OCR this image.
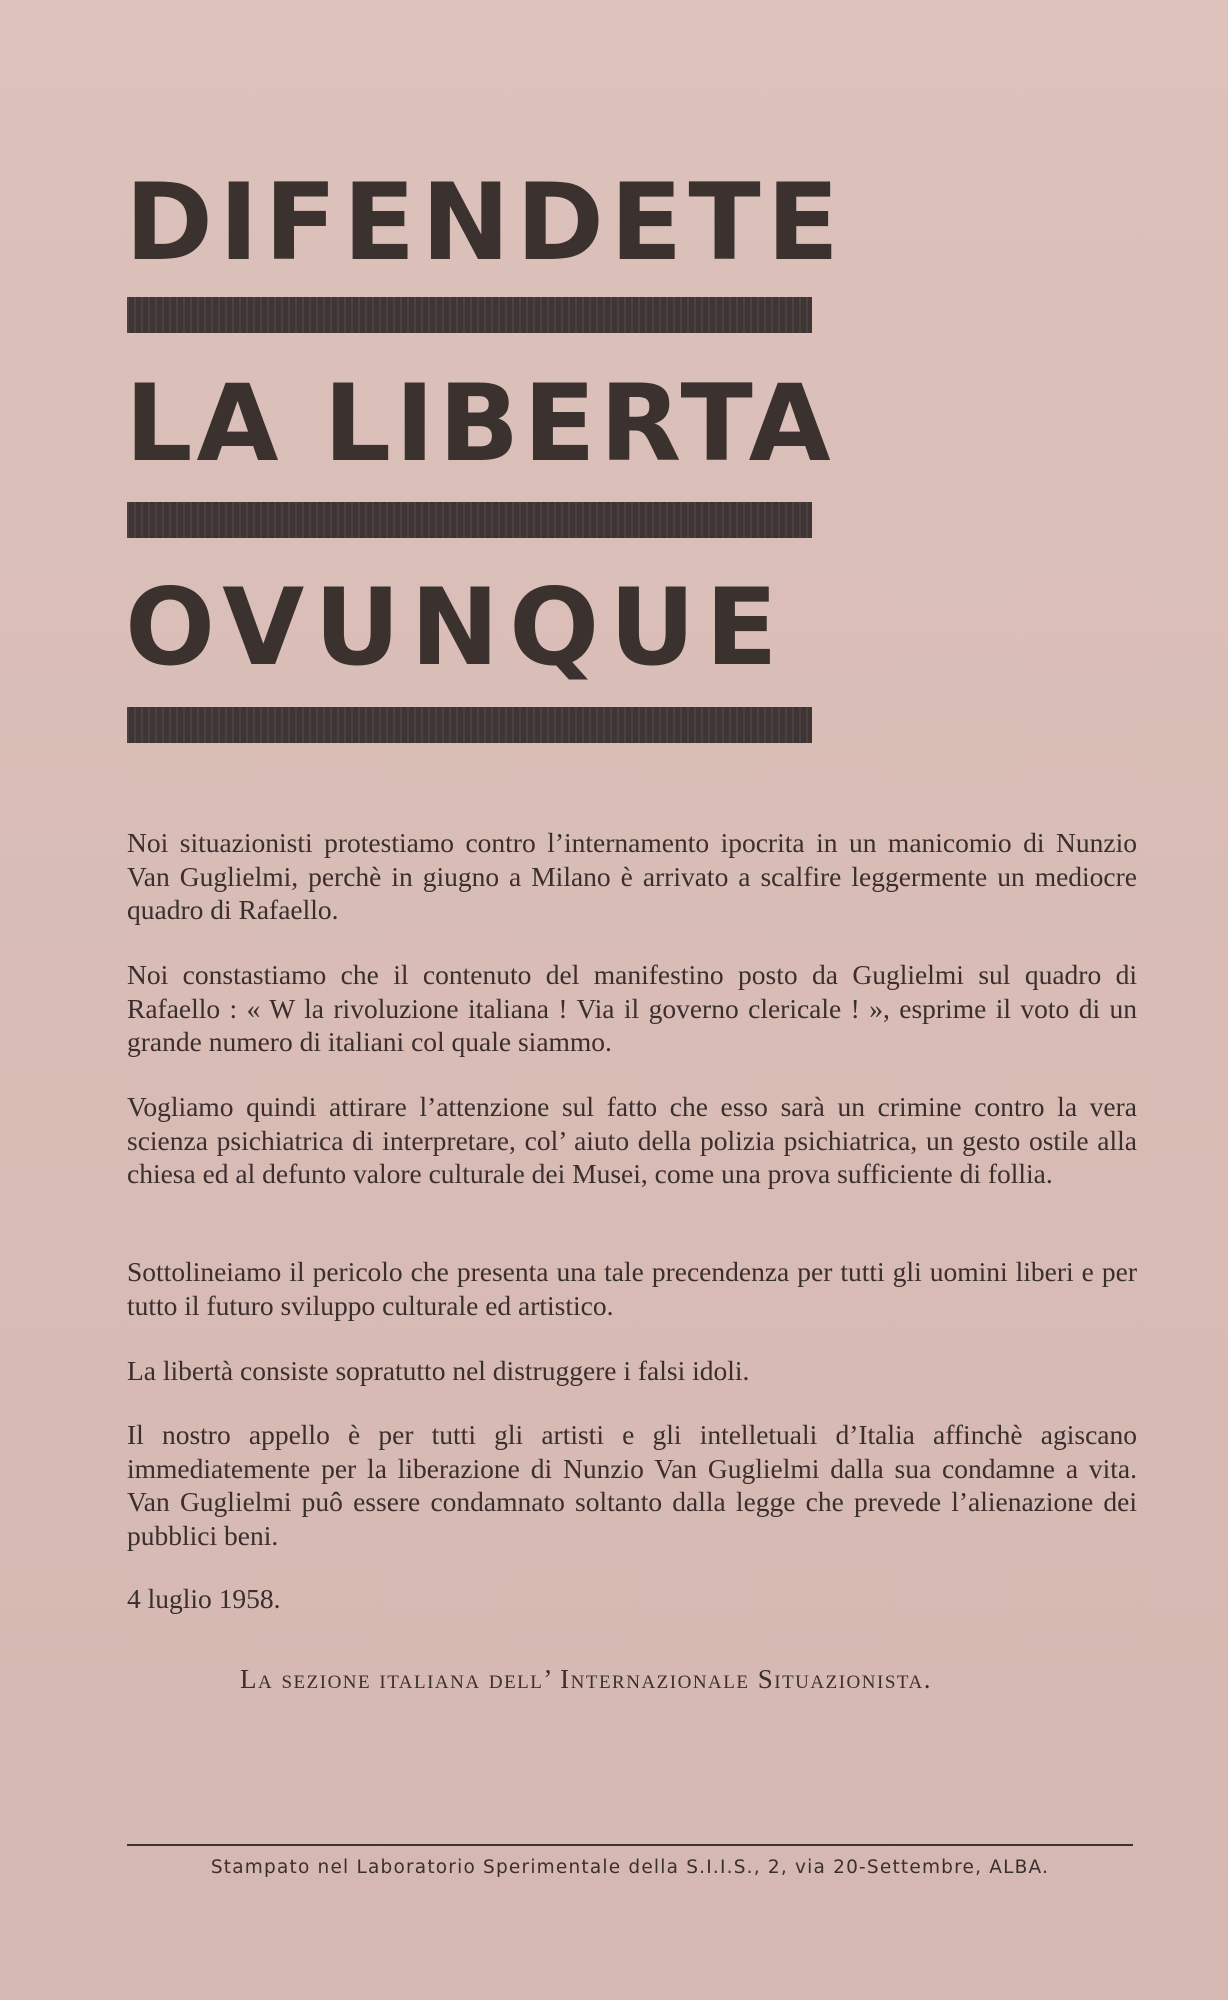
DIFENDETE
LA LIBERTA
OVUNQUE

Noi situazionisti protestiamo contro l’internamento ipocrita in un manicomio di Nunzio Van Guglielmi, perchè in giugno a Milano è arrivato a scalfire leggermente un mediocre quadro di Rafaello.

Noi constastiamo che il contenuto del manifestino posto da Guglielmi sul quadro di Rafaello : « W la rivoluzione italiana ! Via il governo clericale ! », esprime il voto di un grande numero di italiani col quale siammo.

Vogliamo quindi attirare l’attenzione sul fatto che esso sarà un crimine contro la vera scienza psichiatrica di interpretare, col’ aiuto della polizia psichiatrica, un gesto ostile alla chiesa ed al defunto valore culturale dei Musei, come una prova sufficiente di follia.

Sottolineiamo il pericolo che presenta una tale precendenza per tutti gli uomini liberi e per tutto il futuro sviluppo culturale ed artistico.

La libertà consiste sopratutto nel distruggere i falsi idoli.

Il nostro appello è per tutti gli artisti e gli intelletuali d’Italia affinchè agiscano immediatemente per la liberazione di Nunzio Van Guglielmi dalla sua condamne a vita. Van Guglielmi puô essere condamnato soltanto dalla legge che prevede l’alienazione dei pubblici beni.

4 luglio 1958.

La sezione italiana dell’ Internazionale Situazionista.
Stampato nel Laboratorio Sperimentale della S.I.I.S., 2, via 20-Settembre, ALBA.
